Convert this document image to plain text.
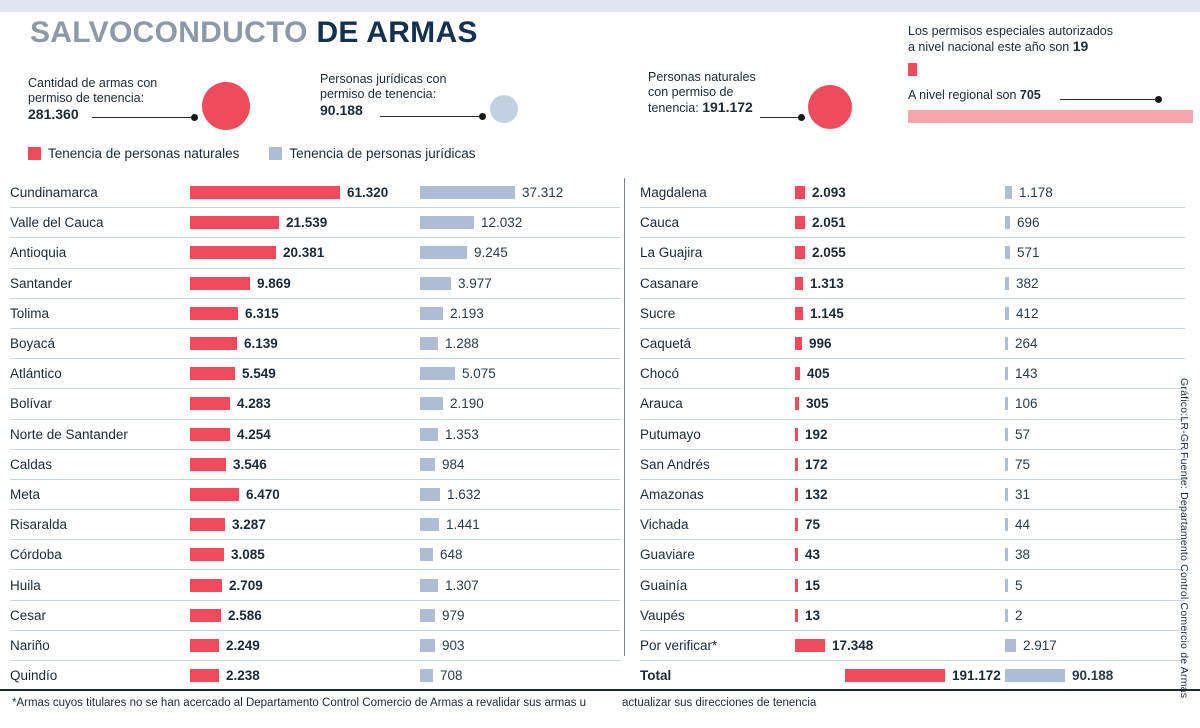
SALVOCONDUCTO DE ARMAS
Cantidad de armas con
permiso de tenencia:
281.360
Personas jurídicas con
permiso de tenencia:
90.188
Personas naturales
con permiso de
tenencia: 191.172
Los permisos especiales autorizados
a nivel nacional este año son 19
A nivel regional son 705
Tenencia de personas naturales	Tenencia de personas jurídicas
Cundinamarca	61.320	37.312

Valle del Cauca	21.539	12.032

Antioquia	20.381	9.245

Santander	9.869	3.977

Tolima	6.315	2.193

Boyacá	6.139	1.288

Atlántico	5.549	5.075

Bolívar	4.283	2.190

Norte de Santander	4.254	1.353

Caldas	3.546	984

Meta	6.470	1.632

Risaralda	3.287	1.441

Córdoba	3.085	648

Huila	2.709	1.307

Cesar	2.586	979

Nariño	2.249	903

Quindío	2.238	708
Magdalena	2.093	1.178

Cauca	2.051	696

La Guajira	2.055	571

Casanare	1.313	382

Sucre	1.145	412

Caquetá	996	264

Chocó	405	143

Arauca	305	106

Putumayo	192	57

San Andrés	172	75

Amazonas	132	31

Vichada	75	44

Guaviare	43	38

Guainía	15	5

Vaupés	13	2

Por verificar*	17.348	2.917

Total	191.172	90.188
Gráfico:LR-GR
Fuente: Departamento Control Comercio de Armas
*Armas cuyos titulares no se han acercado al Departamento Control Comercio de Armas a revalidar sus armas u	actualizar sus direcciones de tenencia
